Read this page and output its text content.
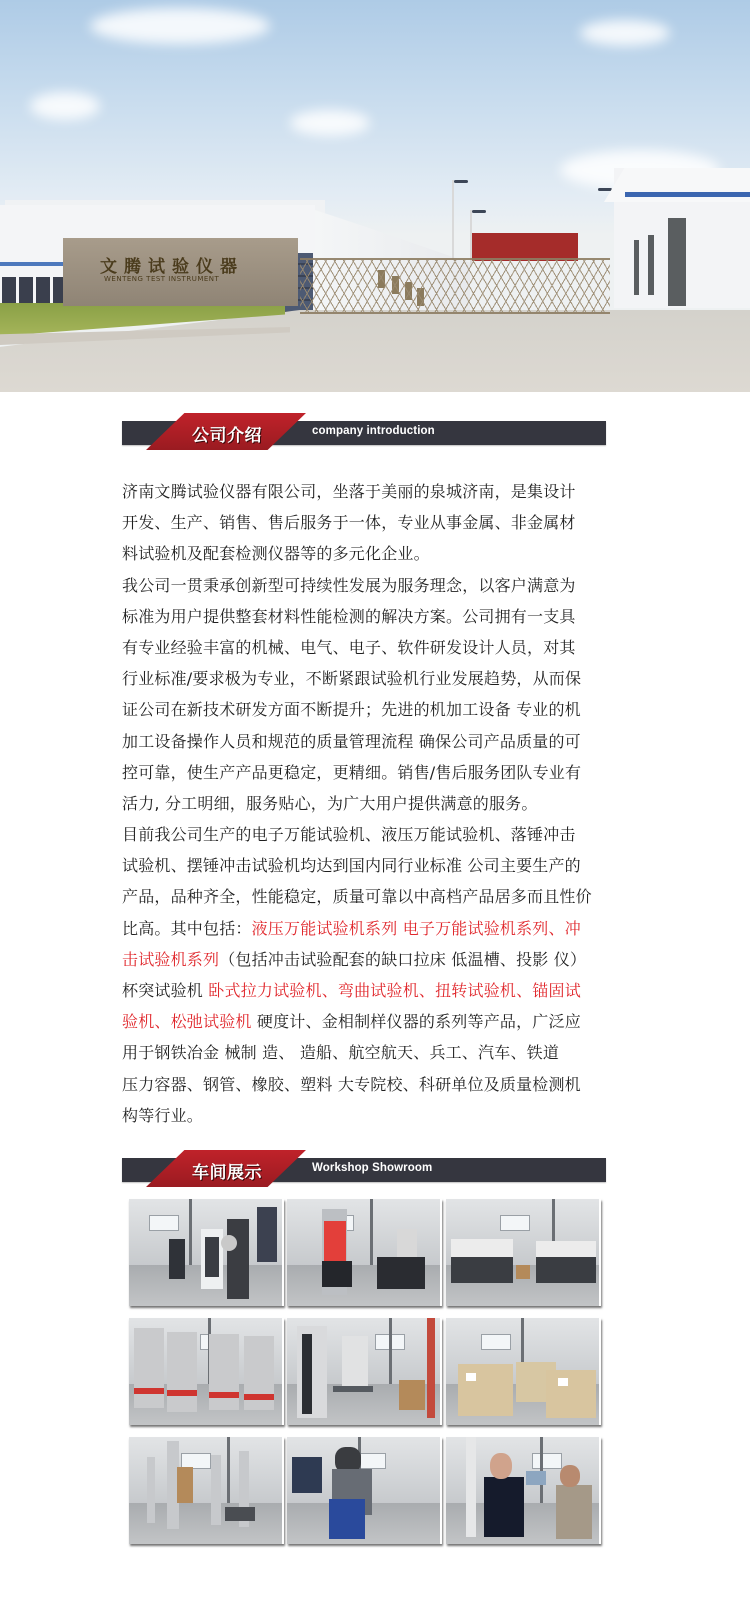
文腾试验仪器
WENTENG TEST INSTRUMENT
公司介绍	company introduction
济南文腾试验仪器有限公司，坐落于美丽的泉城济南，是集设计
开发、生产、销售、售后服务于一体，专业从事金属、非金属材
料试验机及配套检测仪器等的多元化企业。
我公司一贯秉承创新型可持续性发展为服务理念，以客户满意为
标准为用户提供整套材料性能检测的解决方案。公司拥有一支具
有专业经验丰富的机械、电气、电子、软件研发设计人员，对其
行业标准/要求极为专业，不断紧跟试验机行业发展趋势，从而保
证公司在新技术研发方面不断提升；先进的机加工设备 专业的机
加工设备操作人员和规范的质量管理流程 确保公司产品质量的可
控可靠，使生产产品更稳定，更精细。销售/售后服务团队专业有
活力, 分工明细，服务贴心，为广大用户提供满意的服务。
目前我公司生产的电子万能试验机、液压万能试验机、落锤冲击
试验机、摆锤冲击试验机均达到国内同行业标准 公司主要生产的
产品，品种齐全，性能稳定，质量可靠以中高档产品居多而且性价
比高。其中包括：液压万能试验机系列 电子万能试验机系列、冲
击试验机系列（包括冲击试验配套的缺口拉床 低温槽、投影 仪）
杯突试验机 卧式拉力试验机、弯曲试验机、扭转试验机、锚固试
验机、松弛试验机 硬度计、金相制样仪器的系列等产品，广泛应
用于钢铁冶金 械制 造、 造船、航空航天、兵工、汽车、铁道
压力容器、钢管、橡胶、塑料 大专院校、科研单位及质量检测机
构等行业。
车间展示	Workshop Showroom
